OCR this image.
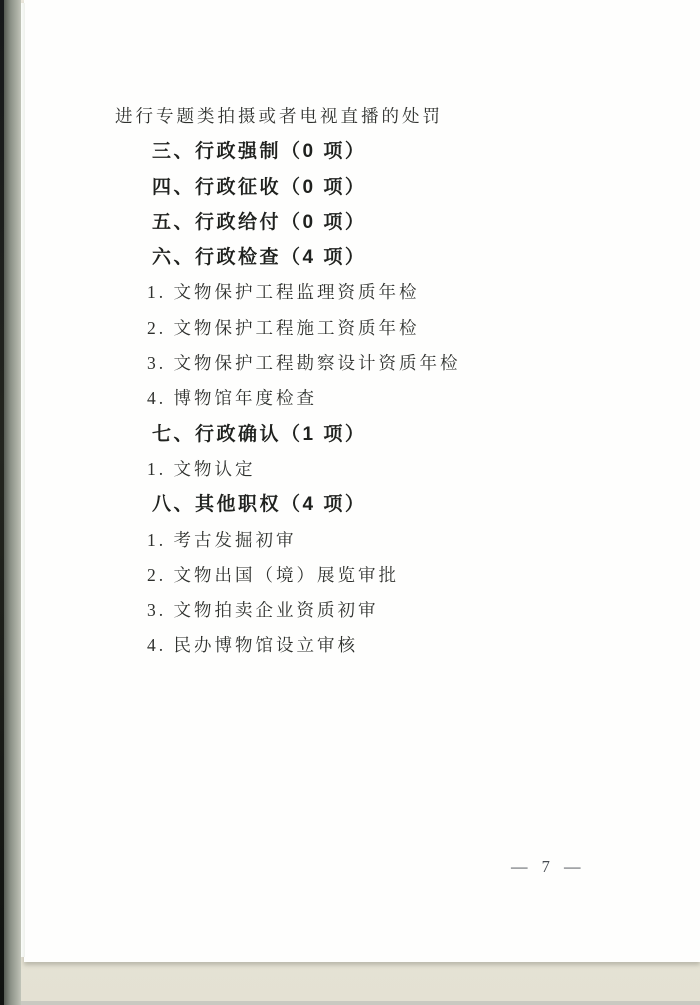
进行专题类拍摄或者电视直播的处罚
三、行政强制（0 项）
四、行政征收（0 项）
五、行政给付（0 项）
六、行政检查（4 项）
1. 文物保护工程监理资质年检
2. 文物保护工程施工资质年检
3. 文物保护工程勘察设计资质年检
4. 博物馆年度检查
七、行政确认（1 项）
1. 文物认定
八、其他职权（4 项）
1. 考古发掘初审
2. 文物出国（境）展览审批
3. 文物拍卖企业资质初审
4. 民办博物馆设立审核
— 7 —
